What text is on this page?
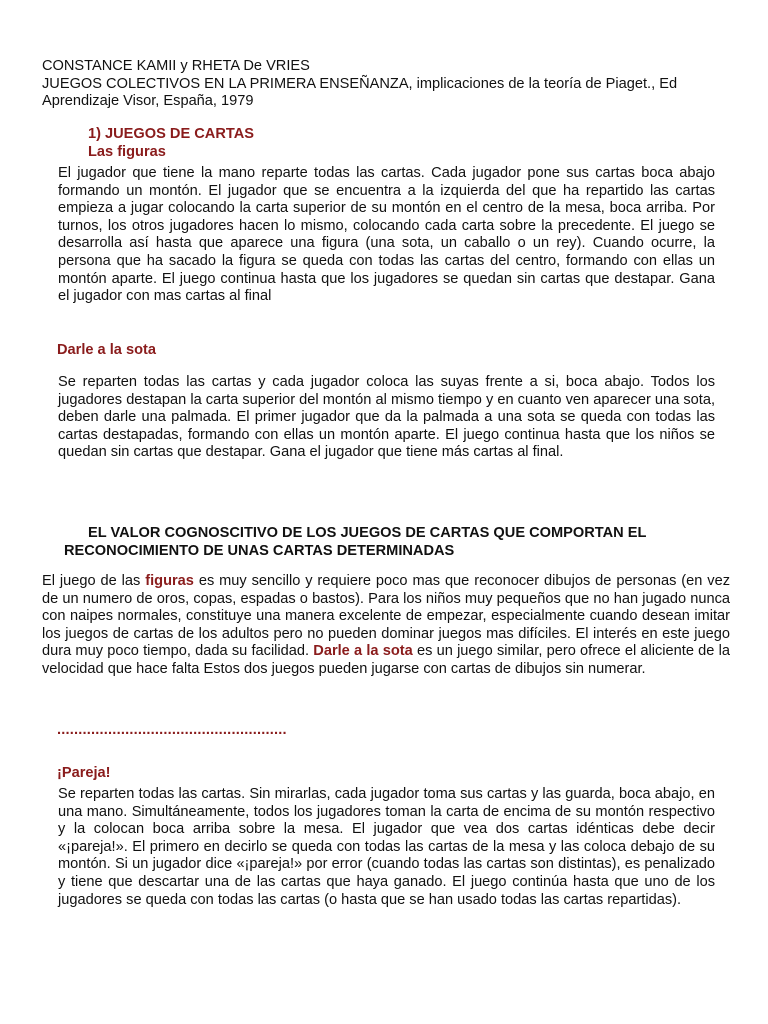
CONSTANCE KAMII y RHETA De VRIES
JUEGOS COLECTIVOS EN LA PRIMERA ENSEÑANZA, implicaciones de la teoría de Piaget., Ed
Aprendizaje Visor, España, 1979
1) JUEGOS DE CARTAS
Las figuras
El jugador que tiene la mano reparte todas las cartas. Cada jugador pone sus cartas boca abajo formando un montón. El jugador que se encuentra a la izquierda del que ha repartido las cartas empieza a jugar colocando la carta superior de su montón en el centro de la mesa, boca arriba. Por turnos, los otros jugadores hacen lo mismo, colocando cada carta sobre la precedente. El juego se desarrolla así hasta que aparece una figura (una sota, un caballo o un rey). Cuando ocurre, la persona que ha sacado la figura se queda con todas las cartas del centro, formando con ellas un montón aparte. El juego continua hasta que los jugadores se quedan sin cartas que destapar. Gana el jugador con mas cartas al final
Darle a la sota
Se reparten todas las cartas y cada jugador coloca las suyas frente a si, boca abajo. Todos los jugadores destapan la carta superior del montón al mismo tiempo y en cuanto ven aparecer una sota, deben darle una palmada. El primer jugador que da la palmada a una sota se queda con todas las cartas destapadas, formando con ellas un montón aparte. El juego continua hasta que los niños se quedan sin cartas que destapar. Gana el jugador que tiene más cartas al final.
EL VALOR COGNOSCITIVO DE LOS JUEGOS DE CARTAS QUE COMPORTAN EL
RECONOCIMIENTO DE UNAS CARTAS DETERMINADAS
El juego de las figuras es muy sencillo y requiere poco mas que reconocer dibujos de personas (en vez de un numero de oros, copas, espadas o bastos). Para los niños muy pequeños que no han jugado nunca con naipes normales, constituye una manera excelente de empezar, especialmente cuando desean imitar los juegos de cartas de los adultos pero no pueden dominar juegos mas difíciles. El interés en este juego dura muy poco tiempo, dada su facilidad. Darle a la sota es un juego similar, pero ofrece el aliciente de la velocidad que hace falta Estos dos juegos pueden jugarse con cartas de dibujos sin numerar.
......................................................
¡Pareja!
Se reparten todas las cartas. Sin mirarlas, cada jugador toma sus cartas y las guarda, boca abajo, en una mano. Simultáneamente, todos los jugadores toman la carta de encima de su montón respectivo y la colocan boca arriba sobre la mesa. El jugador que vea dos cartas idénticas debe decir «¡pareja!». El primero en decirlo se queda con todas las cartas de la mesa y las coloca debajo de su montón. Si un jugador dice «¡pareja!» por error (cuando todas las cartas son distintas), es penalizado y tiene que descartar una de las cartas que haya ganado. El juego continúa hasta que uno de los jugadores se queda con todas las cartas (o hasta que se han usado todas las cartas repartidas).
